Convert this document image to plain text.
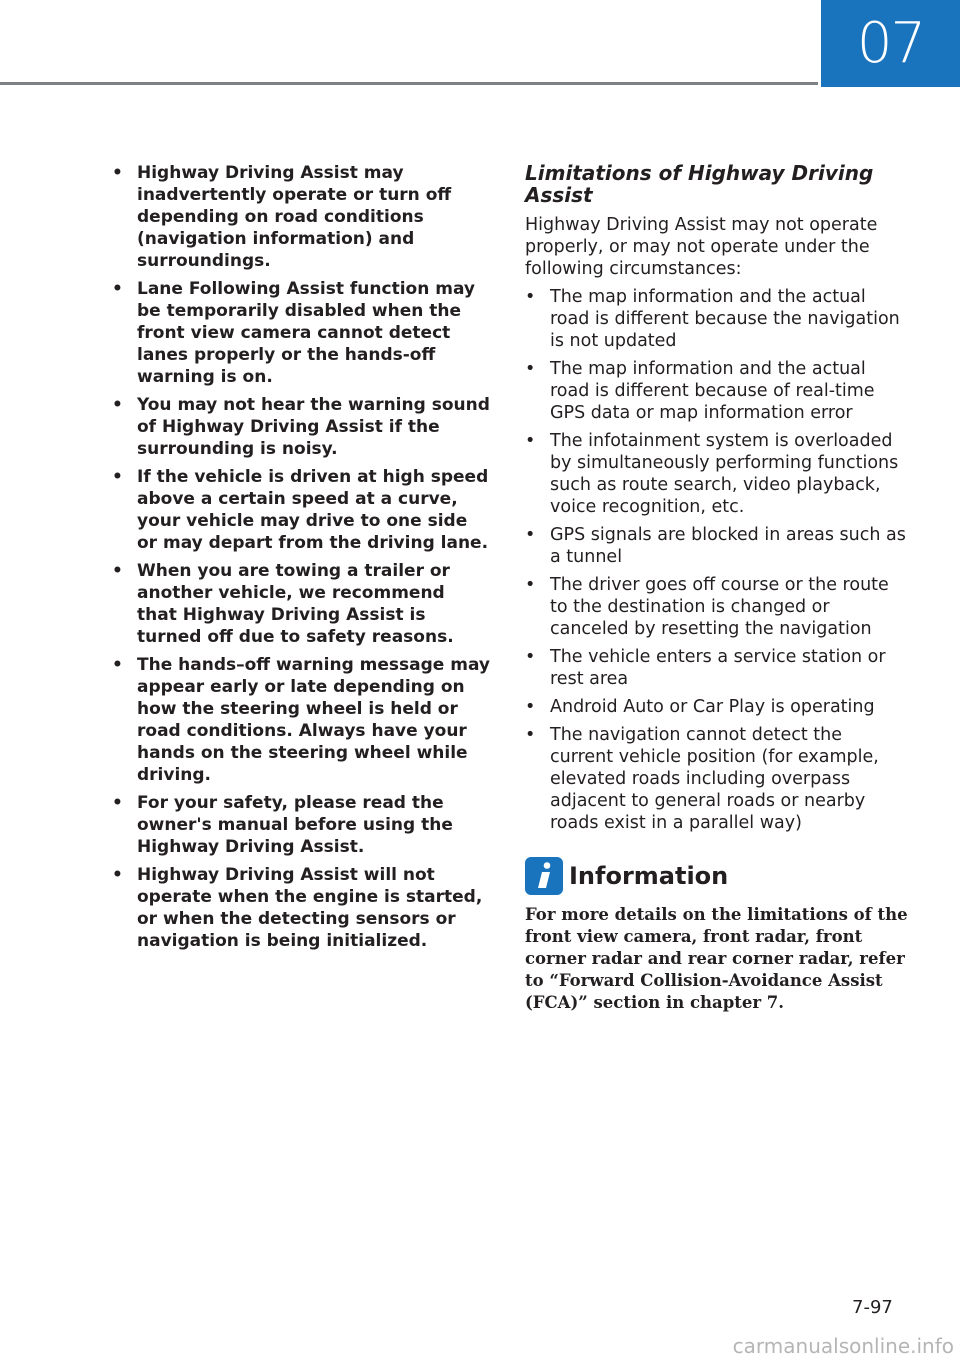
07
• Highway Driving Assist may inadvertently operate or turn off depending on road conditions (navigation information) and surroundings.
• Lane Following Assist function may be temporarily disabled when the front view camera cannot detect lanes properly or the hands-off warning is on.
• You may not hear the warning sound of Highway Driving Assist if the surrounding is noisy.
• If the vehicle is driven at high speed above a certain speed at a curve, your vehicle may drive to one side or may depart from the driving lane.
• When you are towing a trailer or another vehicle, we recommend that Highway Driving Assist is turned off due to safety reasons.
• The hands–off warning message may appear early or late depending on how the steering wheel is held or road conditions. Always have your hands on the steering wheel while driving.
• For your safety, please read the owner's manual before using the Highway Driving Assist.
• Highway Driving Assist will not operate when the engine is started, or when the detecting sensors or navigation is being initialized.
Limitations of Highway Driving Assist

Highway Driving Assist may not operate properly, or may not operate under the following circumstances:

• The map information and the actual road is different because the navigation is not updated
• The map information and the actual road is different because of real-time GPS data or map information error
• The infotainment system is overloaded by simultaneously performing functions such as route search, video playback, voice recognition, etc.
• GPS signals are blocked in areas such as a tunnel
• The driver goes off course or the route to the destination is changed or canceled by resetting the navigation
• The vehicle enters a service station or rest area
• Android Auto or Car Play is operating
• The navigation cannot detect the current vehicle position (for example, elevated roads including overpass adjacent to general roads or nearby roads exist in a parallel way)
Information

For more details on the limitations of the front view camera, front radar, front corner radar and rear corner radar, refer to “Forward Collision-Avoidance Assist (FCA)” section in chapter 7.

7-97
carmanualsonline.info
